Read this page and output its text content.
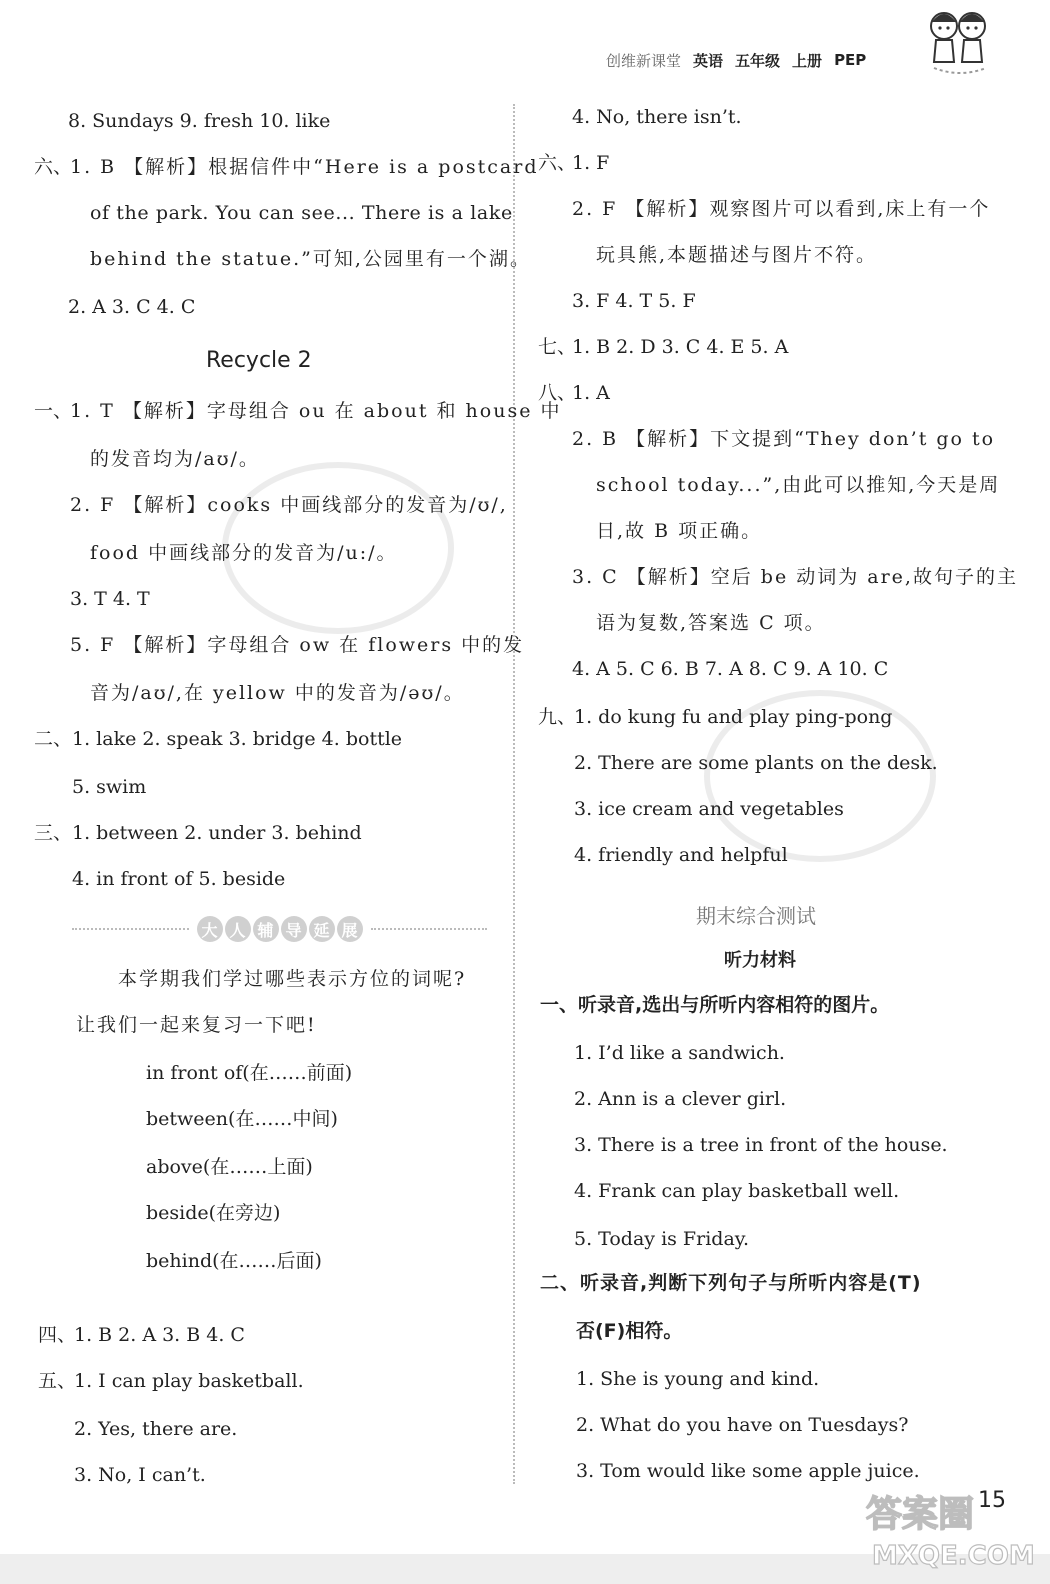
创维新课堂 英语 五年级 上册 PEP
8. Sundays 9. fresh 10. like
六、
1. B 【解析】根据信件中“Here is a postcard
of the park. You can see... There is a lake
behind the statue.”可知,公园里有一个湖。
2. A 3. C 4. C
Recycle 2
一、
1. T 【解析】字母组合 ou 在 about 和 house 中
的发音均为/aʊ/。
2. F 【解析】cooks 中画线部分的发音为/ʊ/,
food 中画线部分的发音为/u:/。
3. T 4. T
5. F 【解析】字母组合 ow 在 flowers 中的发
音为/aʊ/,在 yellow 中的发音为/əʊ/。
二、 1. lake 2. speak 3. bridge 4. bottle
5. swim
三、 1. between 2. under 3. behind
4. in front of 5. beside
大 人 辅 导 延 展
本学期我们学过哪些表示方位的词呢?
让我们一起来复习一下吧!
in front of(在……前面)
between(在……中间)
above(在……上面)
beside(在旁边)
behind(在……后面)
四、
1. B 2. A 3. B 4. C
五、
1. I can play basketball.
2. Yes, there are.
3. No, I can’t.
4. No, there isn’t.
六、
1. F
2. F 【解析】观察图片可以看到,床上有一个
玩具熊,本题描述与图片不符。
3. F 4. T 5. F
七、
1. B 2. D 3. C 4. E 5. A
八、
1. A
2. B 【解析】下文提到“They don’t go to
school today...”,由此可以推知,今天是周
日,故 B 项正确。
3. C 【解析】空后 be 动词为 are,故句子的主
语为复数,答案选 C 项。
4. A 5. C 6. B 7. A 8. C 9. A 10. C
九、
1. do kung fu and play ping-pong
2. There are some plants on the desk.
3. ice cream and vegetables
4. friendly and helpful
期末综合测试
听力材料
一、听录音,选出与所听内容相符的图片。
1. I’d like a sandwich.
2. Ann is a clever girl.
3. There is a tree in front of the house.
4. Frank can play basketball well.
5. Today is Friday.
二、听录音,判断下列句子与所听内容是(T)
否(F)相符。
1. She is young and kind.
2. What do you have on Tuesdays?
3. Tom would like some apple juice.
答案圈
MXQE.COM
15
